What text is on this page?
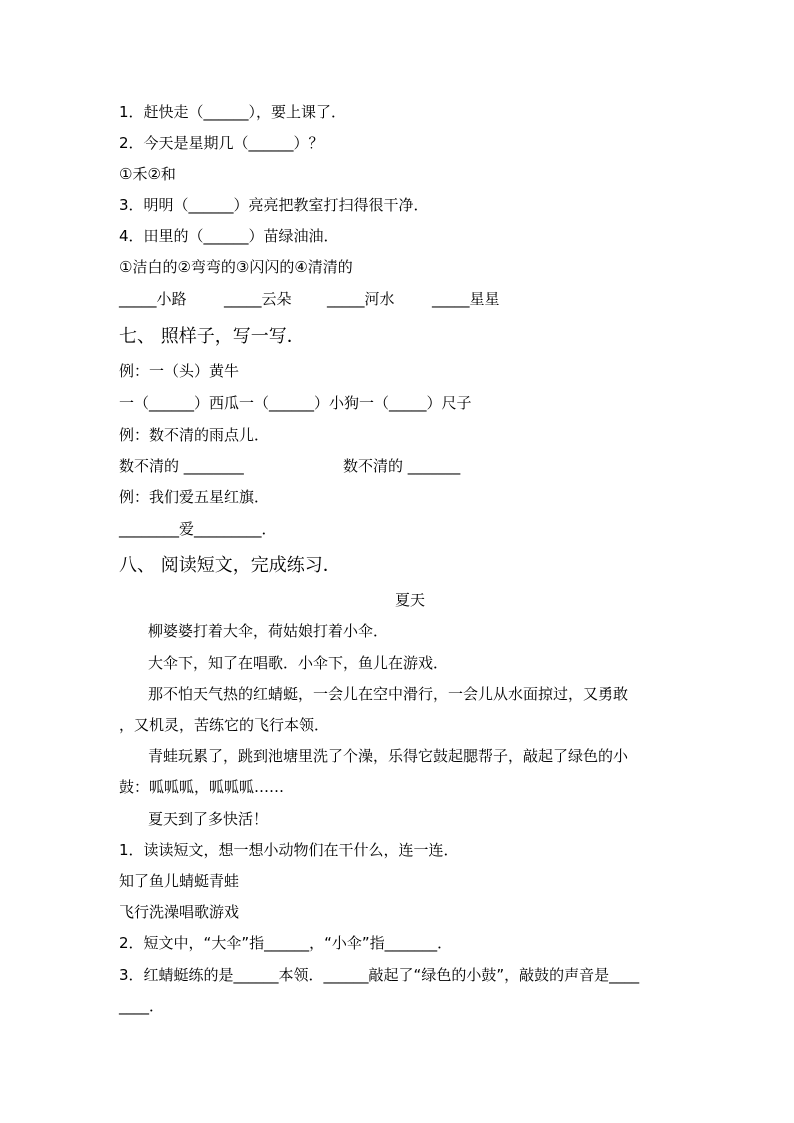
1．赶快走（______），要上课了．
2．今天是星期几（______）？
①禾②和
3．明明（______）亮亮把教室打扫得很干净．
4．田里的（______）苗绿油油．
①洁白的②弯弯的③闪闪的④清清的
_____小路 _____云朵 _____河水 _____星星
七、 照样子，写一写．
例：一（头）黄牛
一（______）西瓜一（______）小狗一（_____）尺子
例：数不清的雨点儿．
数不清的 ________	数不清的 _______
例：我们爱五星红旗．
________爱_________．
八、 阅读短文，完成练习．
夏天
柳婆婆打着大伞，荷姑娘打着小伞．
大伞下，知了在唱歌．小伞下，鱼儿在游戏．
那不怕天气热的红蜻蜓，一会儿在空中滑行，一会儿从水面掠过，又勇敢
，又机灵，苦练它的飞行本领．
青蛙玩累了，跳到池塘里洗了个澡，乐得它鼓起腮帮子，敲起了绿色的小
鼓：呱呱呱，呱呱呱……
夏天到了多快活！
1．读读短文，想一想小动物们在干什么，连一连．
知了鱼儿蜻蜓青蛙
飞行洗澡唱歌游戏
2．短文中，“大伞”指______，“小伞”指_______．
3．红蜻蜓练的是______本领．______敲起了“绿色的小鼓”，敲鼓的声音是____
____．
